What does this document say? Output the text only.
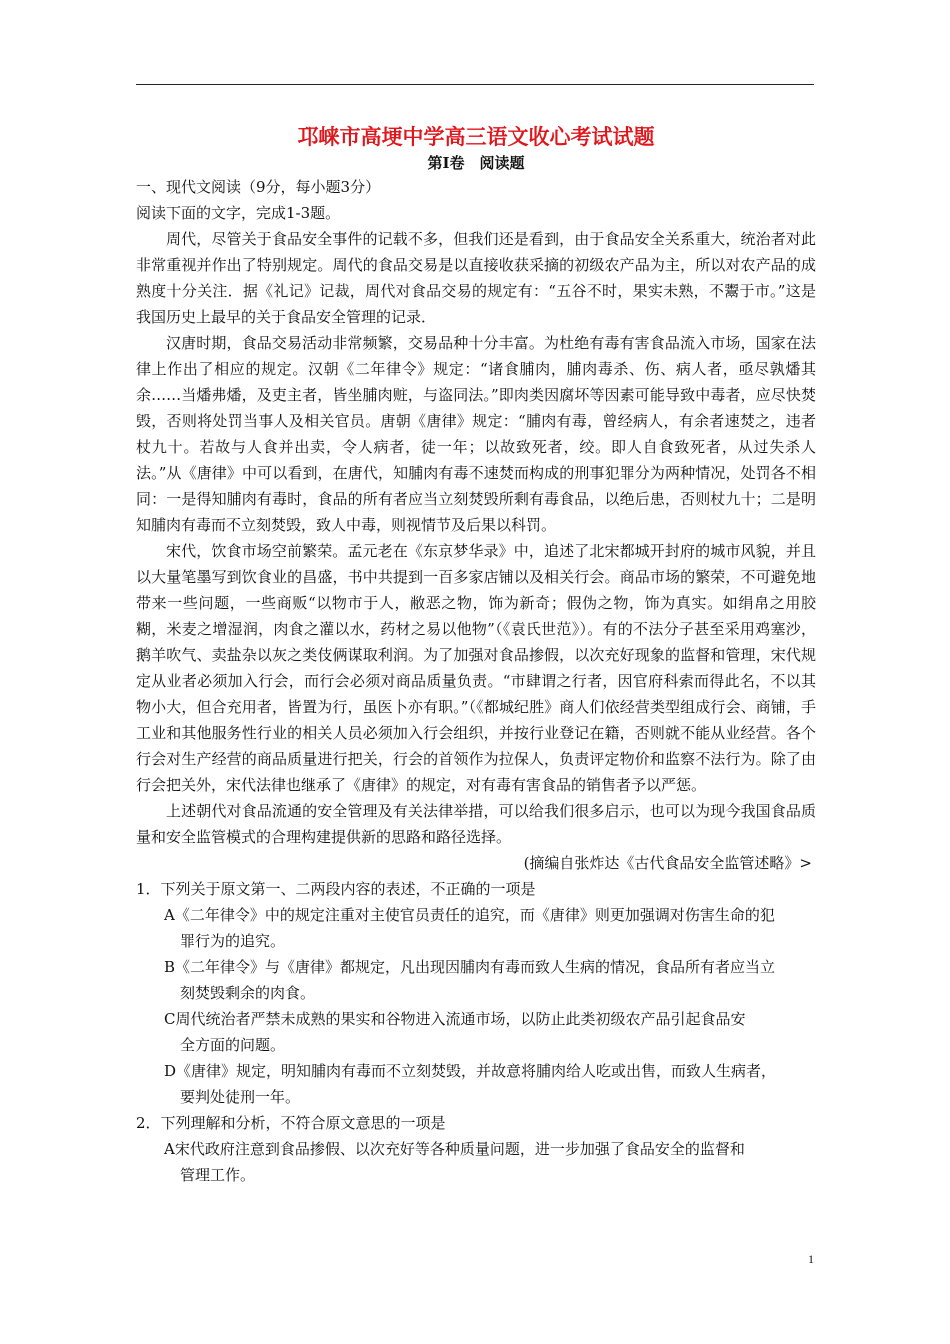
邛崃市高埂中学高三语文收心考试试题
第Ⅰ卷　阅读题
一、现代文阅读（9分，每小题3分）
阅读下面的文字，完成1-3题。
周代，尽管关于食品安全事件的记载不多，但我们还是看到，由于食品安全关系重大，统治者对此非常重视并作出了特别规定。周代的食品交易是以直接收获采摘的初级农产品为主，所以对农产品的成熟度十分关注．据《礼记》记裁，周代对食品交易的规定有：“五谷不时，果实未熟，不鬻于市。”这是我国历史上最早的关于食品安全管理的记录．
汉唐时期，食品交易活动非常频繁，交易品种十分丰富。为杜绝有毒有害食品流入市场，国家在法律上作出了相应的规定。汉朝《二年律令》规定：“诸食脯肉，脯肉毒杀、伤、病人者，亟尽孰燔其余……当燔弗燔，及吏主者，皆坐脯肉赃，与盗同法。”即肉类因腐坏等因素可能导致中毒者，应尽快焚毁，否则将处罚当事人及相关官员。唐朝《唐律》规定：“脯肉有毒，曾经病人，有余者速焚之，违者杖九十。若故与人食并出卖，令人病者，徒一年；以故致死者，绞。即人自食致死者，从过失杀人法。”从《唐律》中可以看到，在唐代，知脯肉有毒不速焚而构成的刑事犯罪分为两种情况，处罚各不相同：一是得知脯肉有毒时，食品的所有者应当立刻焚毁所剩有毒食品，以绝后患，否则杖九十；二是明知脯肉有毒而不立刻焚毁，致人中毒，则视情节及后果以科罚。
宋代，饮食市场空前繁荣。孟元老在《东京梦华录》中，追述了北宋都城开封府的城市风貌，并且以大量笔墨写到饮食业的昌盛，书中共提到一百多家店铺以及相关行会。商品市场的繁荣，不可避免地带来一些问题，一些商贩“以物市于人，敝恶之物，饰为新奇；假伪之物，饰为真实。如绢帛之用胶糊，米麦之增湿润，肉食之灌以水，药材之易以他物”（《袁氏世范》）。有的不法分子甚至采用鸡塞沙，鹅羊吹气、卖盐杂以灰之类伎俩谋取利润。为了加强对食品掺假，以次充好现象的监督和管理，宋代规定从业者必须加入行会，而行会必须对商品质量负责。“市肆谓之行者，因官府科索而得此名，不以其物小大，但合充用者，皆置为行，虽医卜亦有职。”（《都城纪胜》商人们依经营类型组成行会、商铺，手工业和其他服务性行业的相关人员必须加入行会组织，并按行业登记在籍，否则就不能从业经营。各个行会对生产经营的商品质量进行把关，行会的首领作为拉保人，负责评定物价和监察不法行为。除了由行会把关外，宋代法律也继承了《唐律》的规定，对有毒有害食品的销售者予以严惩。
上述朝代对食品流通的安全管理及有关法律举措，可以给我们很多启示，也可以为现今我国食品质量和安全监管模式的合理构建提供新的思路和路径选择。
(摘编自张炸达《古代食品安全监管述略》>
1．下列关于原文第一、二两段内容的表述，不正确的一项是
A《二年律令》中的规定注重对主使官员责任的追究，而《唐律》则更加强调对伤害生命的犯
罪行为的追究。
B《二年律令》与《唐律》都规定，凡出现因脯肉有毒而致人生病的情况，食品所有者应当立
刻焚毁剩余的肉食。
C周代统治者严禁未成熟的果实和谷物进入流通市场，以防止此类初级农产品引起食品安
全方面的问题。
D《唐律》规定，明知脯肉有毒而不立刻焚毁，并故意将脯肉给人吃或出售，而致人生病者，
要判处徒刑一年。
2．下列理解和分析，不符合原文意思的一项是
A宋代政府注意到食品掺假、以次充好等各种质量问题，进一步加强了食品安全的监督和
管理工作。
1
